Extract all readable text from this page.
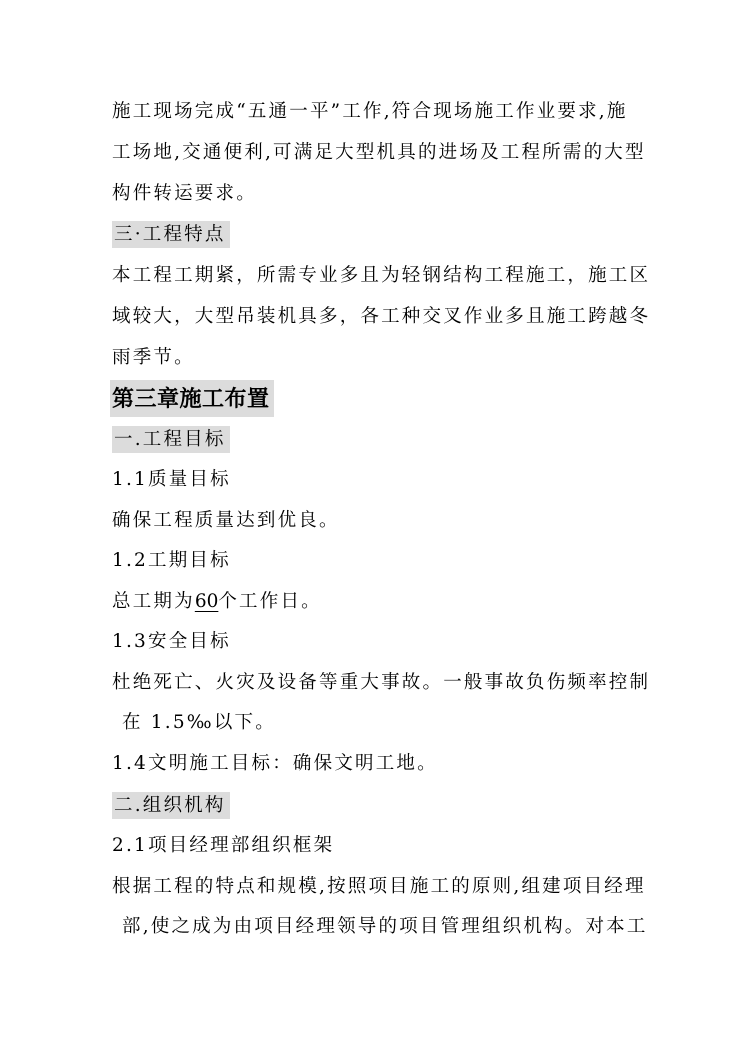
施工现场完成“五通一平”工作,符合现场施工作业要求,施
工场地,交通便利,可满足大型机具的进场及工程所需的大型
构件转运要求。
三·工程特点
本工程工期紧，所需专业多且为轻钢结构工程施工，施工区
域较大，大型吊装机具多，各工种交叉作业多且施工跨越冬
雨季节。
第三章施工布置
一.工程目标
1.1质量目标
确保工程质量达到优良。
1.2工期目标
总工期为60个工作日。
1.3安全目标
杜绝死亡、火灾及设备等重大事故。一般事故负伤频率控制
在 1.5‰以下。
1.4文明施工目标：确保文明工地。
二.组织机构
2.1项目经理部组织框架
根据工程的特点和规模,按照项目施工的原则,组建项目经理
部,使之成为由项目经理领导的项目管理组织机构。对本工
